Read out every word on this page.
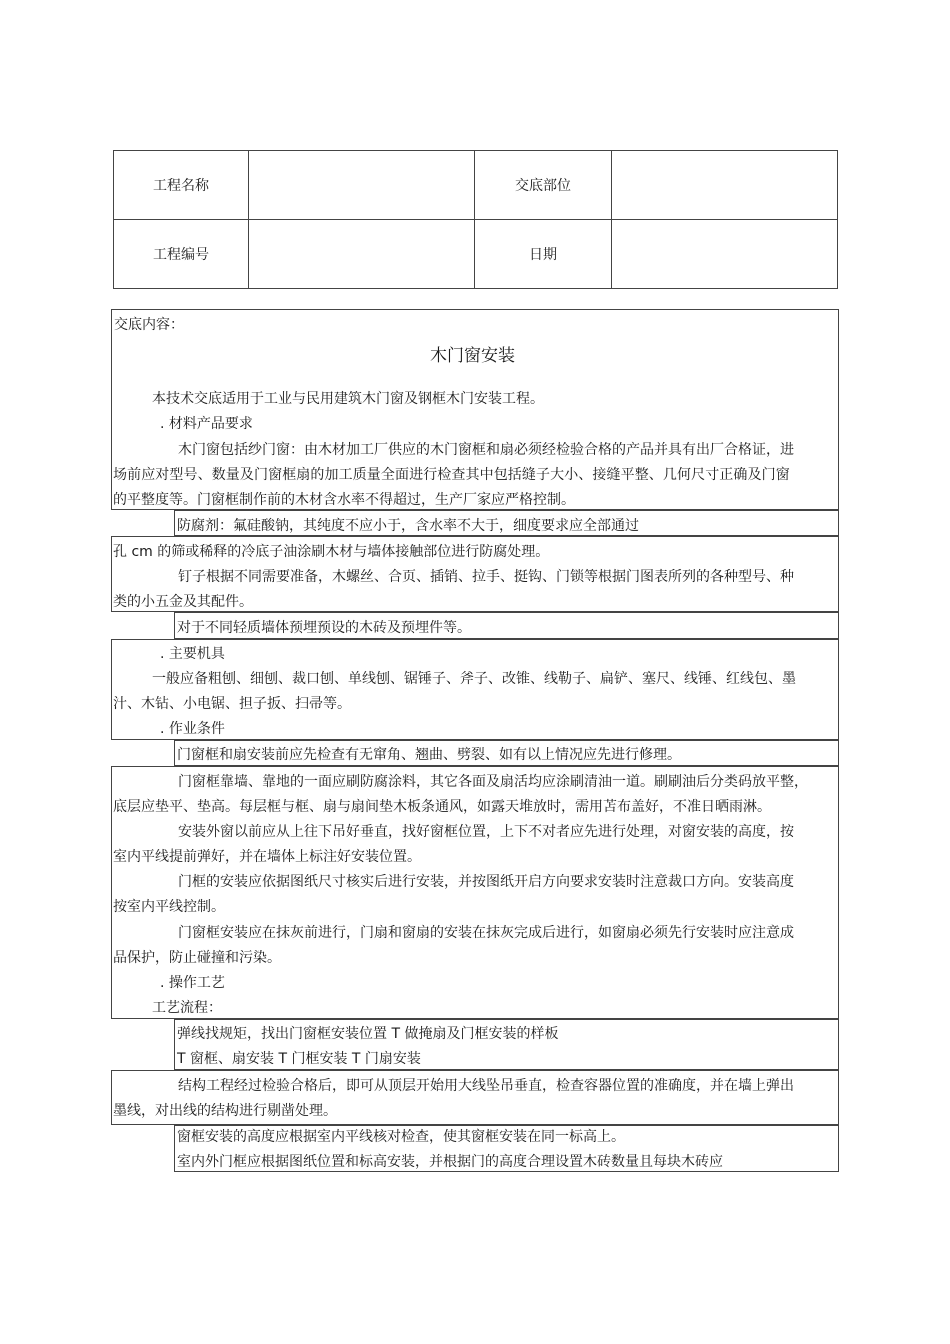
工程名称		交底部位	
工程编号		日期	
交底内容：
木门窗安装
本技术交底适用于工业与民用建筑木门窗及钢框木门安装工程。
. 材料产品要求
木门窗包括纱门窗：由木材加工厂供应的木门窗框和扇必须经检验合格的产品并具有出厂合格证，进
场前应对型号、数量及门窗框扇的加工质量全面进行检查其中包括缝子大小、接缝平整、几何尺寸正确及门窗
的平整度等。门窗框制作前的木材含水率不得超过，生产厂家应严格控制。
防腐剂：氟硅酸钠，其纯度不应小于，含水率不大于，细度要求应全部通过
孔 cm 的筛或稀释的冷底子油涂刷木材与墙体接触部位进行防腐处理。
钉子根据不同需要准备，木螺丝、合页、插销、拉手、挺钩、门锁等根据门图表所列的各种型号、种
类的小五金及其配件。
对于不同轻质墙体预埋预设的木砖及预埋件等。
. 主要机具
一般应备粗刨、细刨、裁口刨、单线刨、锯锤子、斧子、改锥、线勒子、扁铲、塞尺、线锤、红线包、墨
汁、木钻、小电锯、担子扳、扫帚等。
. 作业条件
门窗框和扇安装前应先检查有无窜角、翘曲、劈裂、如有以上情况应先进行修理。
门窗框靠墙、靠地的一面应刷防腐涂料，其它各面及扇活均应涂刷清油一道。刷刷油后分类码放平整，
底层应垫平、垫高。每层框与框、扇与扇间垫木板条通风，如露天堆放时，需用苫布盖好，不准日晒雨淋。
安装外窗以前应从上往下吊好垂直，找好窗框位置，上下不对者应先进行处理，对窗安装的高度，按
室内平线提前弹好，并在墙体上标注好安装位置。
门框的安装应依据图纸尺寸核实后进行安装，并按图纸开启方向要求安装时注意裁口方向。安装高度
按室内平线控制。
门窗框安装应在抹灰前进行，门扇和窗扇的安装在抹灰完成后进行，如窗扇必须先行安装时应注意成
品保护，防止碰撞和污染。
. 操作工艺
工艺流程：
弹线找规矩，找出门窗框安装位置 T 做掩扇及门框安装的样板
T 窗框、扇安装 T 门框安装 T 门扇安装
结构工程经过检验合格后，即可从顶层开始用大线坠吊垂直，检查容器位置的准确度，并在墙上弹出
墨线，对出线的结构进行剔凿处理。
窗框安装的高度应根据室内平线核对检查，使其窗框安装在同一标高上。
室内外门框应根据图纸位置和标高安装，并根据门的高度合理设置木砖数量且每块木砖应
